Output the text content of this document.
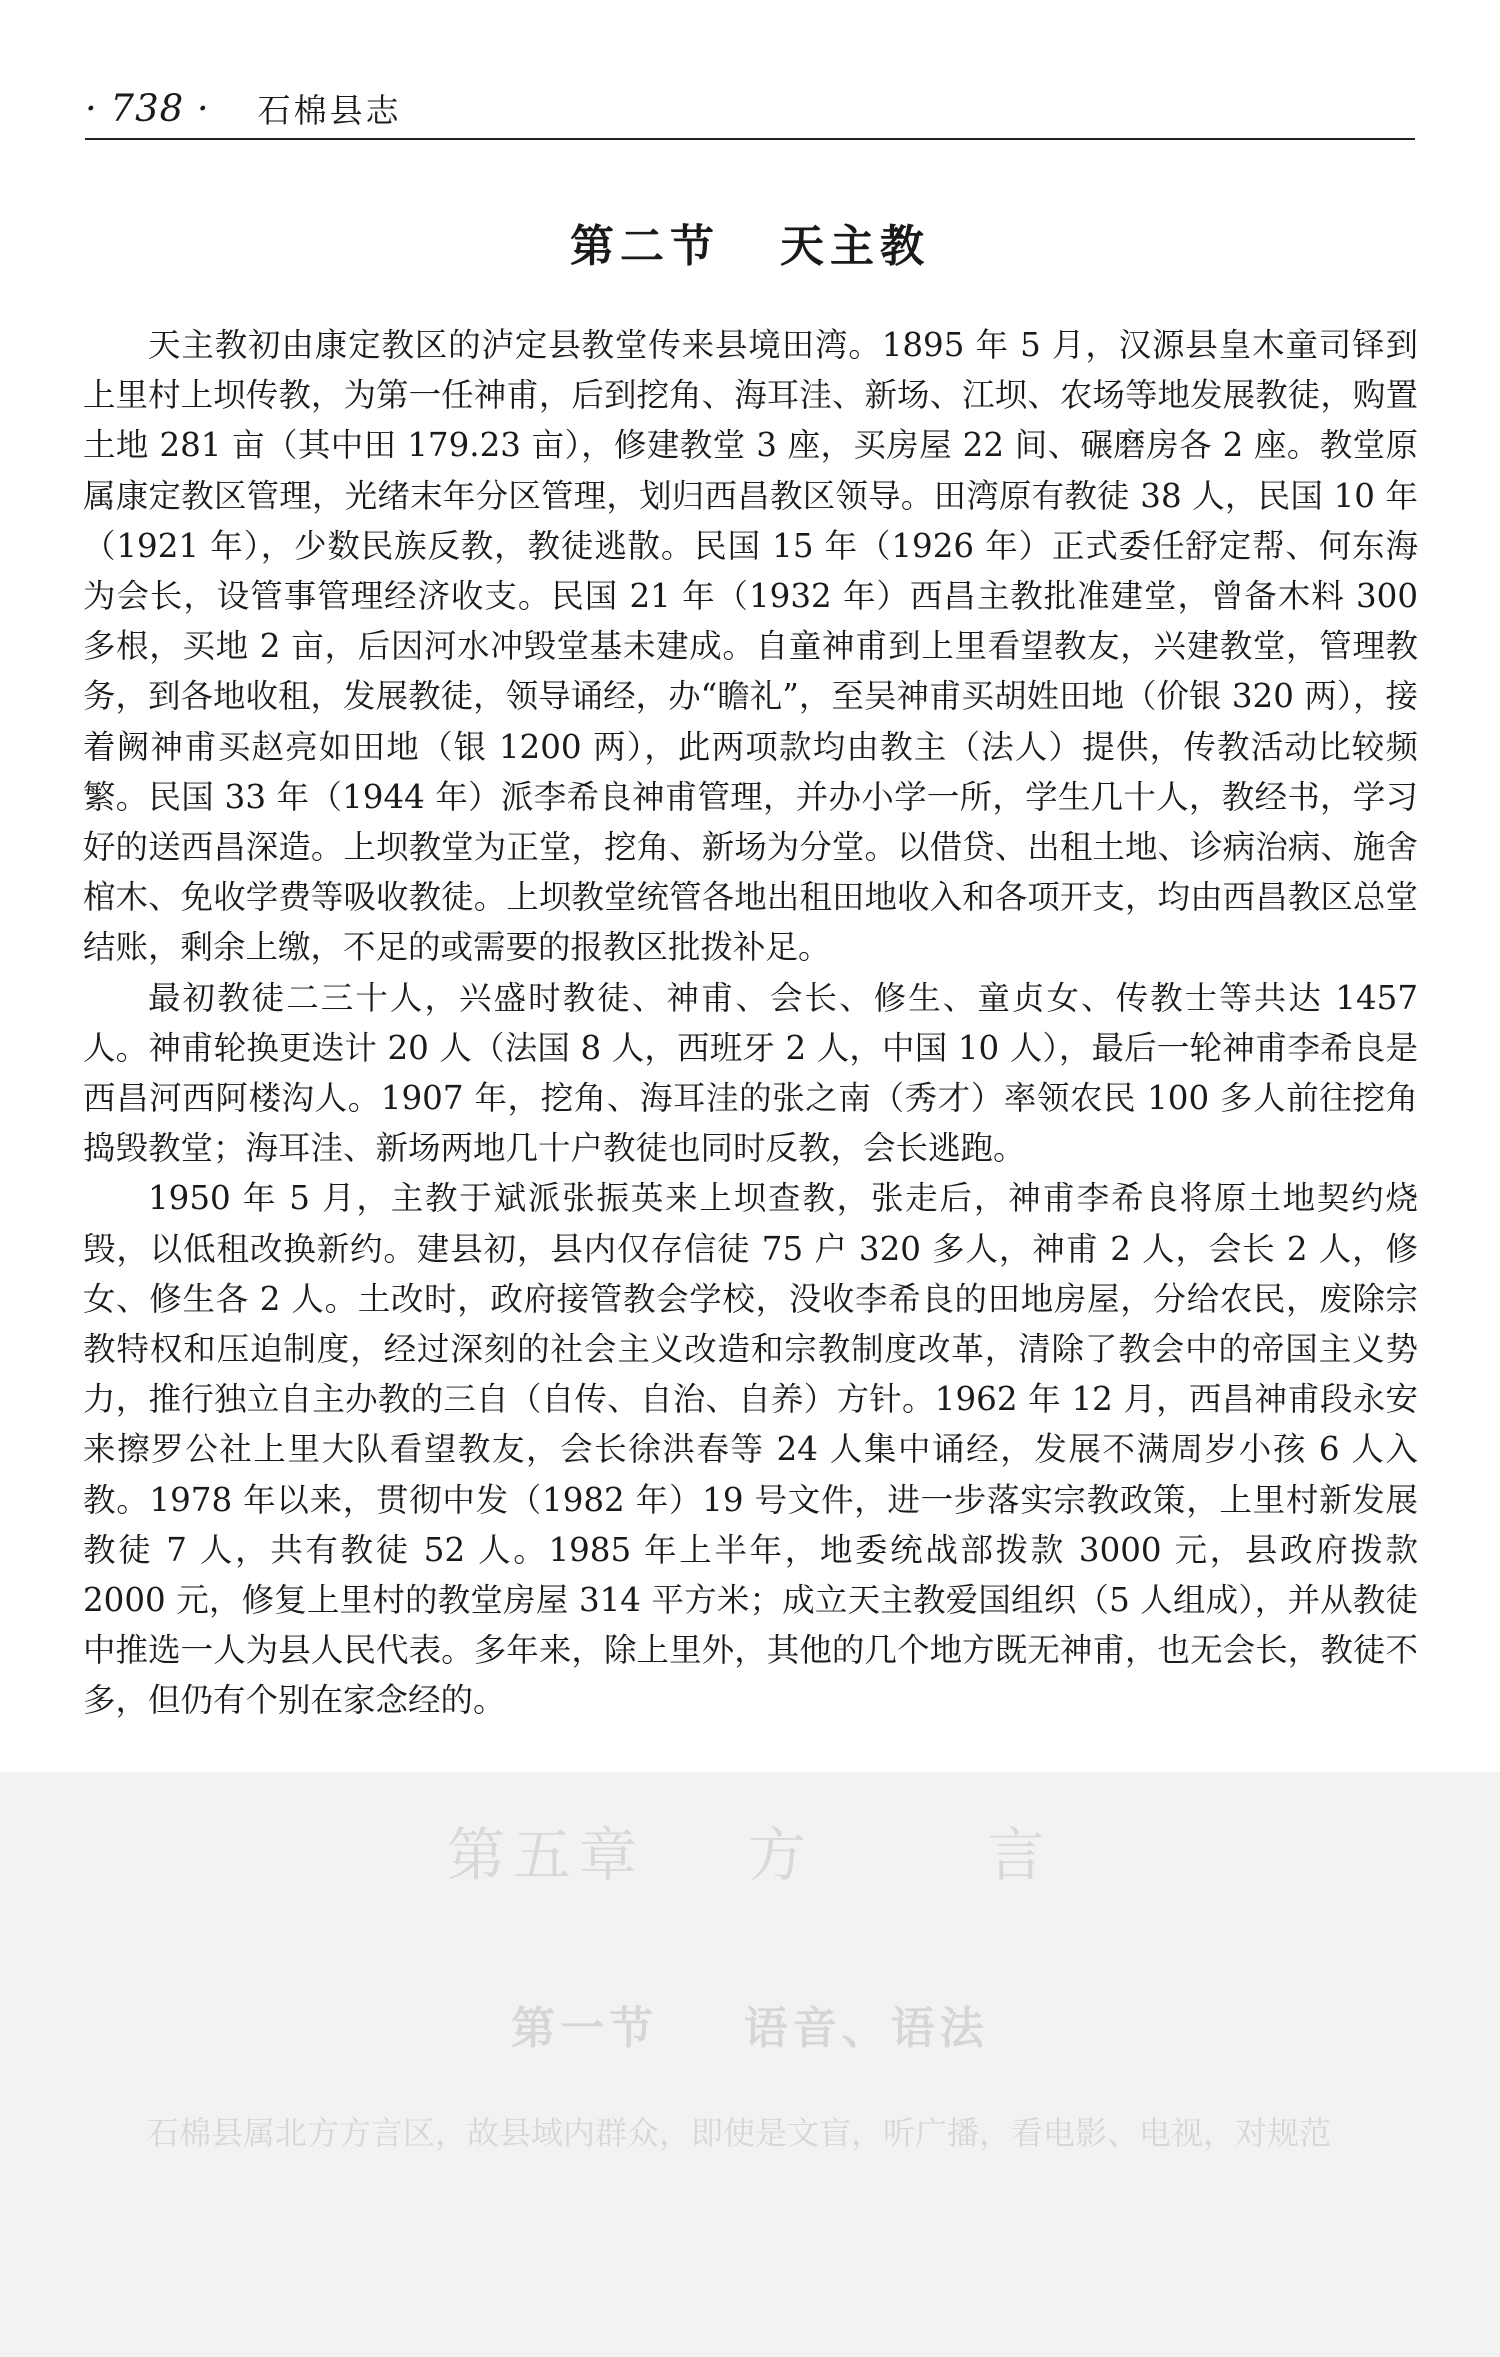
· 738 · 石棉县志
第二节 天主教

天主教初由康定教区的泸定县教堂传来县境田湾。1895 年 5 月，汉源县皇木童司铎到上里村上坝传教，为第一任神甫，后到挖角、海耳洼、新场、江坝、农场等地发展教徒，购置土地 281 亩（其中田 179.23 亩），修建教堂 3 座，买房屋 22 间、碾磨房各 2 座。教堂原属康定教区管理，光绪末年分区管理，划归西昌教区领导。田湾原有教徒 38 人，民国 10 年（1921 年），少数民族反教，教徒逃散。民国 15 年（1926 年）正式委任舒定帮、何东海为会长，设管事管理经济收支。民国 21 年（1932 年）西昌主教批准建堂，曾备木料 300 多根，买地 2 亩，后因河水冲毁堂基未建成。自童神甫到上里看望教友，兴建教堂，管理教务，到各地收租，发展教徒，领导诵经，办“瞻礼”，至吴神甫买胡姓田地（价银 320 两），接着阙神甫买赵亮如田地（银 1200 两），此两项款均由教主（法人）提供，传教活动比较频繁。民国 33 年（1944 年）派李希良神甫管理，并办小学一所，学生几十人，教经书，学习好的送西昌深造。上坝教堂为正堂，挖角、新场为分堂。以借贷、出租土地、诊病治病、施舍棺木、免收学费等吸收教徒。上坝教堂统管各地出租田地收入和各项开支，均由西昌教区总堂结账，剩余上缴，不足的或需要的报教区批拨补足。

最初教徒二三十人，兴盛时教徒、神甫、会长、修生、童贞女、传教士等共达 1457 人。神甫轮换更迭计 20 人（法国 8 人，西班牙 2 人，中国 10 人），最后一轮神甫李希良是西昌河西阿楼沟人。1907 年，挖角、海耳洼的张之南（秀才）率领农民 100 多人前往挖角捣毁教堂；海耳洼、新场两地几十户教徒也同时反教，会长逃跑。

1950 年 5 月，主教于斌派张振英来上坝查教，张走后，神甫李希良将原土地契约烧毁，以低租改换新约。建县初，县内仅存信徒 75 户 320 多人，神甫 2 人，会长 2 人，修女、修生各 2 人。土改时，政府接管教会学校，没收李希良的田地房屋，分给农民，废除宗教特权和压迫制度，经过深刻的社会主义改造和宗教制度改革，清除了教会中的帝国主义势力，推行独立自主办教的三自（自传、自治、自养）方针。1962 年 12 月，西昌神甫段永安来擦罗公社上里大队看望教友，会长徐洪春等 24 人集中诵经，发展不满周岁小孩 6 人入教。1978 年以来，贯彻中发（1982 年）19 号文件，进一步落实宗教政策，上里村新发展教徒 7 人，共有教徒 52 人。1985 年上半年，地委统战部拨款 3000 元，县政府拨款 2000 元，修复上里村的教堂房屋 314 平方米；成立天主教爱国组织（5 人组成），并从教徒中推选一人为县人民代表。多年来，除上里外，其他的几个地方既无神甫，也无会长，教徒不多，但仍有个别在家念经的。

第五章 方	言
第一节 语音、语法
石棉县属北方方言区，故县域内群众，即使是文盲，听广播，看电影、电视，对规范
